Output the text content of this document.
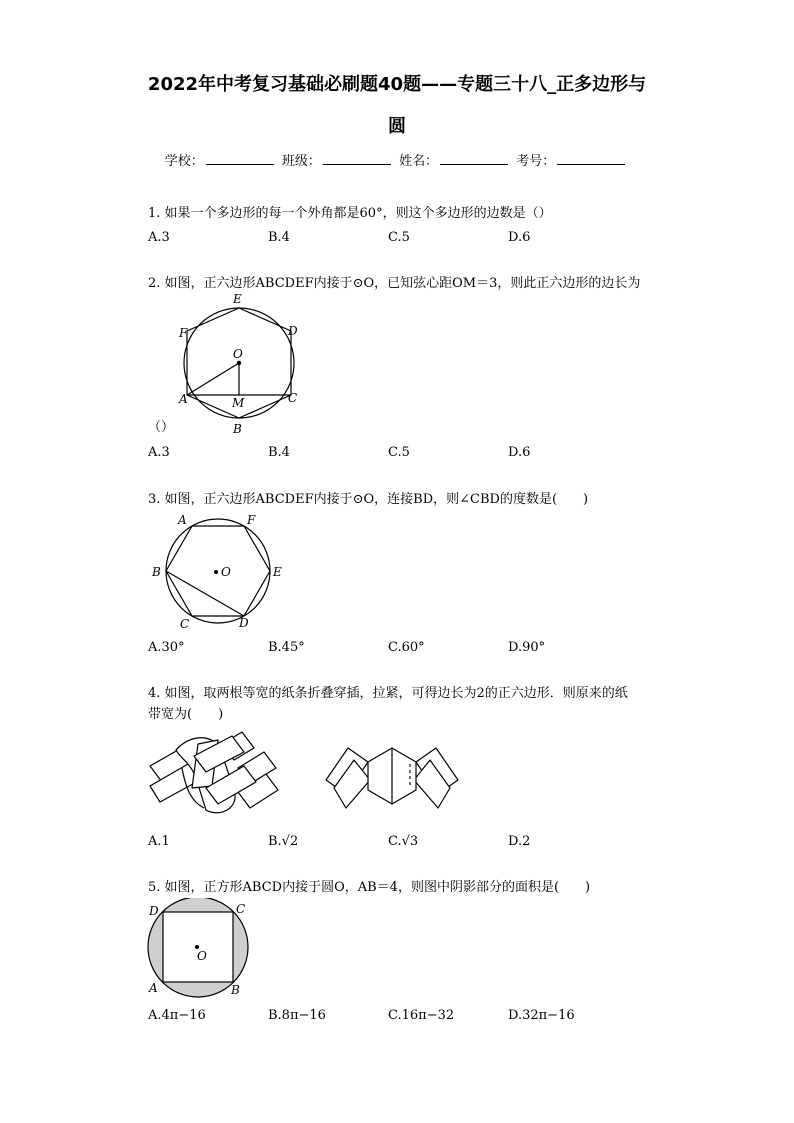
2022年中考复习基础必刷题40题——专题三十八_正多边形与
圆
学校：	班级：	姓名：	考号：
1. 如果一个多边形的每一个外角都是60°，则这个多边形的边数是（）
A.3	B.4	C.5	D.6
2. 如图，正六边形ABCDEF内接于⊙O，已知弦心距OM＝3，则此正六边形的边长为
E
D
F
O
A	M	C
B
（）
A.3	B.4	C.5	D.6
3. 如图，正六边形ABCDEF内接于⊙O，连接BD，则∠CBD的度数是(　　)
A	F
B	O	E
C	D
A.30°	B.45°	C.60°	D.90°
4. 如图，取两根等宽的纸条折叠穿插，拉紧，可得边长为2的正六边形．则原来的纸
带宽为(　　)
A.1	B.√2	C.√3	D.2
5. 如图，正方形ABCD内接于圆O，AB＝4，则图中阴影部分的面积是(　　)
D	C
O
A	B
A.4π−16	B.8π−16	C.16π−32	D.32π−16
